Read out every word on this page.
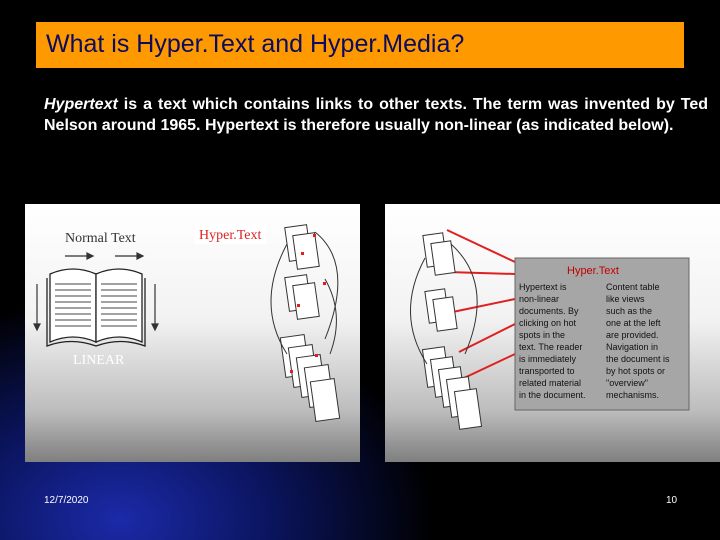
What is Hyper.Text and Hyper.Media?
Hypertext is a text which contains links to other texts. The term was invented by Ted Nelson around 1965. Hypertext is therefore usually non-linear (as indicated below).
Normal Text
LINEAR
Hyper.Text
Hyper.Text
Hypertext is
non-linear
documents. By
clicking on hot
spots in the
text. The reader
is immediately
transported to
related material
in the document.
Content table
like views
such as the
one at the left
are provided.
Navigation in
the document is
by hot spots or
"overview"
mechanisms.
12/7/2020	10
